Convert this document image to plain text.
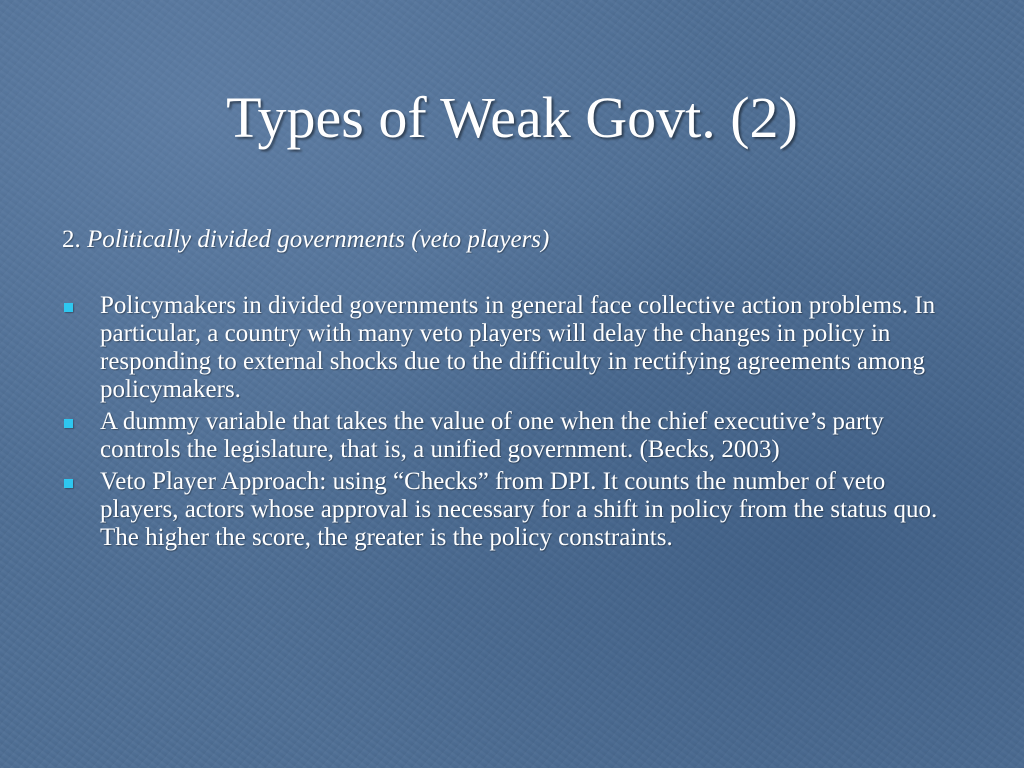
Types of Weak Govt. (2)
2. Politically divided governments (veto players)
Policymakers in divided governments in general face collective action problems. In particular, a country with many veto players will delay the changes in policy in responding to external shocks due to the difficulty in rectifying agreements among policymakers.
A dummy variable that takes the value of one when the chief executive’s party controls the legislature, that is, a unified government. (Becks, 2003)
Veto Player Approach: using “Checks” from DPI. It counts the number of veto players, actors whose approval is necessary for a shift in policy from the status quo. The higher the score, the greater is the policy constraints.
